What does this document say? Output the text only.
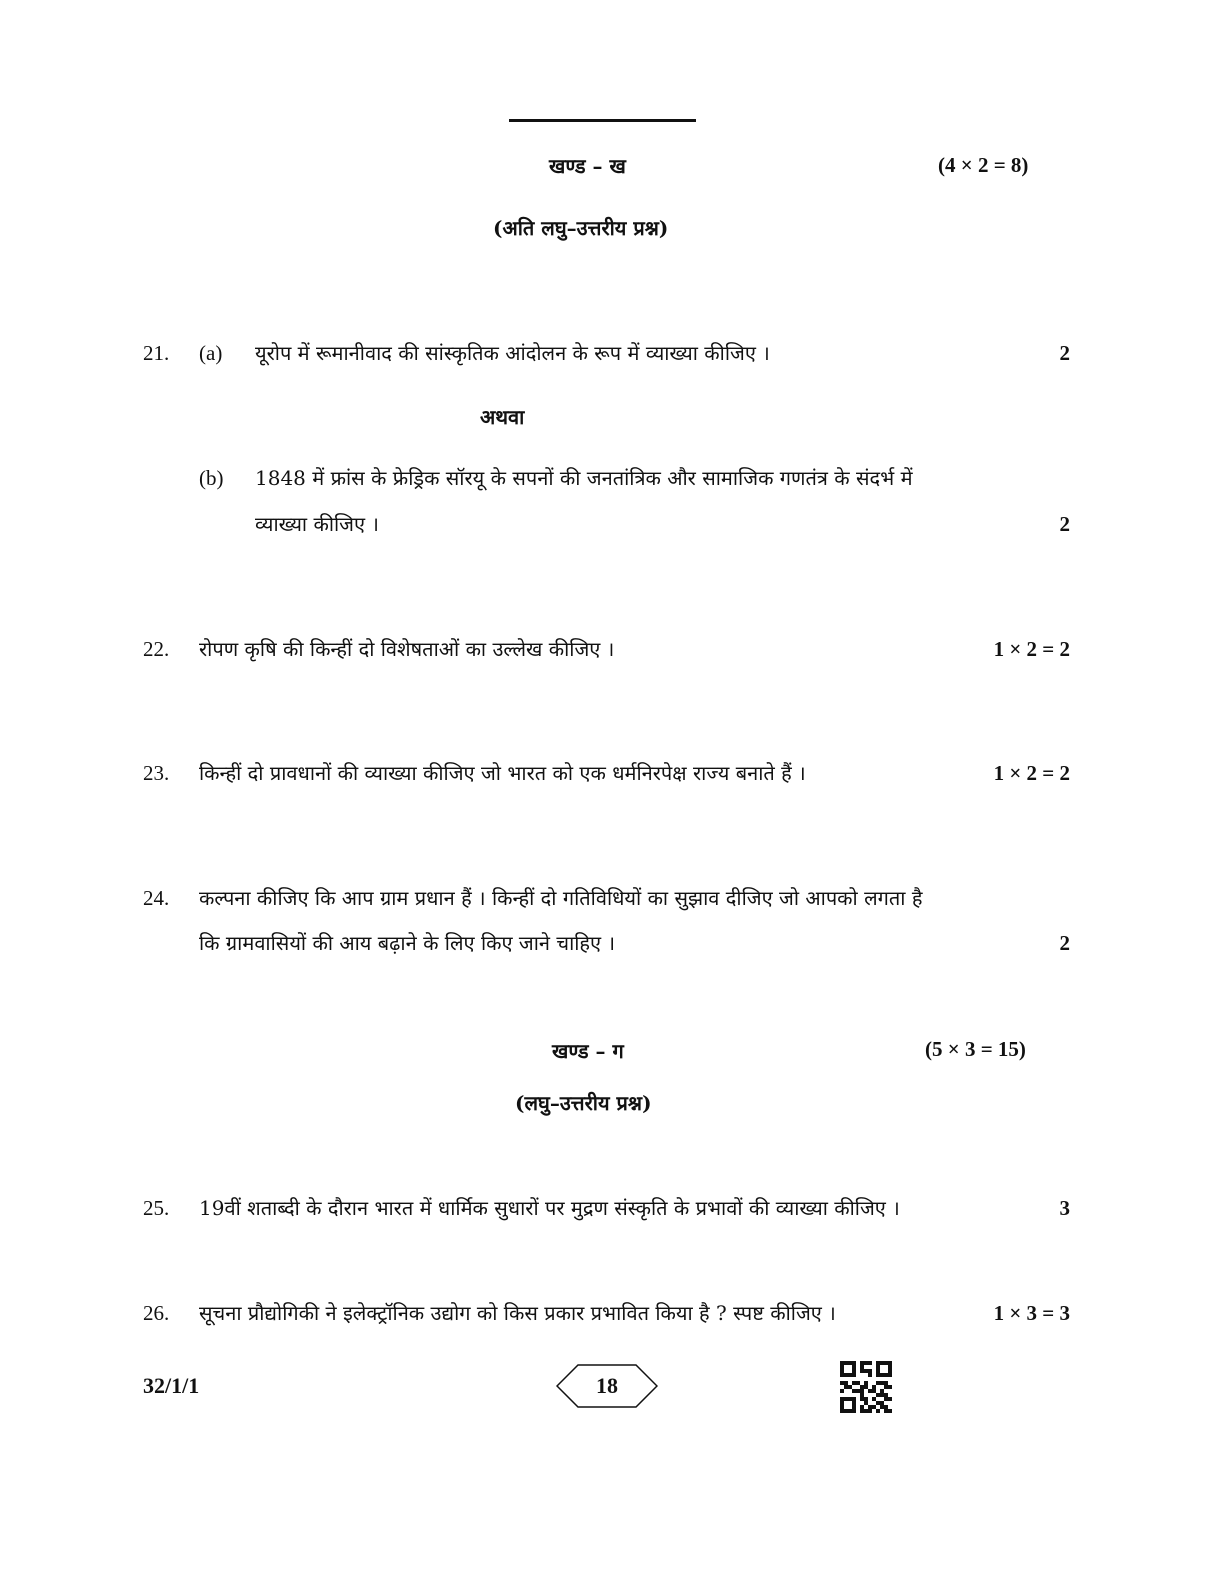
खण्ड – ख	(4 × 2 = 8)
(अति लघु–उत्तरीय प्रश्न)
21. (a) यूरोप में रूमानीवाद की सांस्कृतिक आंदोलन के रूप में व्याख्या कीजिए ।	2
अथवा
(b) 1848 में फ्रांस के फ्रेड्रिक सॉरयू के सपनों की जनतांत्रिक और सामाजिक गणतंत्र के संदर्भ में
व्याख्या कीजिए ।	2
22. रोपण कृषि की किन्हीं दो विशेषताओं का उल्लेख कीजिए ।	1 × 2 = 2
23. किन्हीं दो प्रावधानों की व्याख्या कीजिए जो भारत को एक धर्मनिरपेक्ष राज्य बनाते हैं ।	1 × 2 = 2
24. कल्पना कीजिए कि आप ग्राम प्रधान हैं । किन्हीं दो गतिविधियों का सुझाव दीजिए जो आपको लगता है
कि ग्रामवासियों की आय बढ़ाने के लिए किए जाने चाहिए ।	2
खण्ड – ग	(5 × 3 = 15)
(लघु–उत्तरीय प्रश्न)
25. 19वीं शताब्दी के दौरान भारत में धार्मिक सुधारों पर मुद्रण संस्कृति के प्रभावों की व्याख्या कीजिए ।	3
26. सूचना प्रौद्योगिकी ने इलेक्ट्रॉनिक उद्योग को किस प्रकार प्रभावित किया है ? स्पष्ट कीजिए ।	1 × 3 = 3
32/1/1	18
